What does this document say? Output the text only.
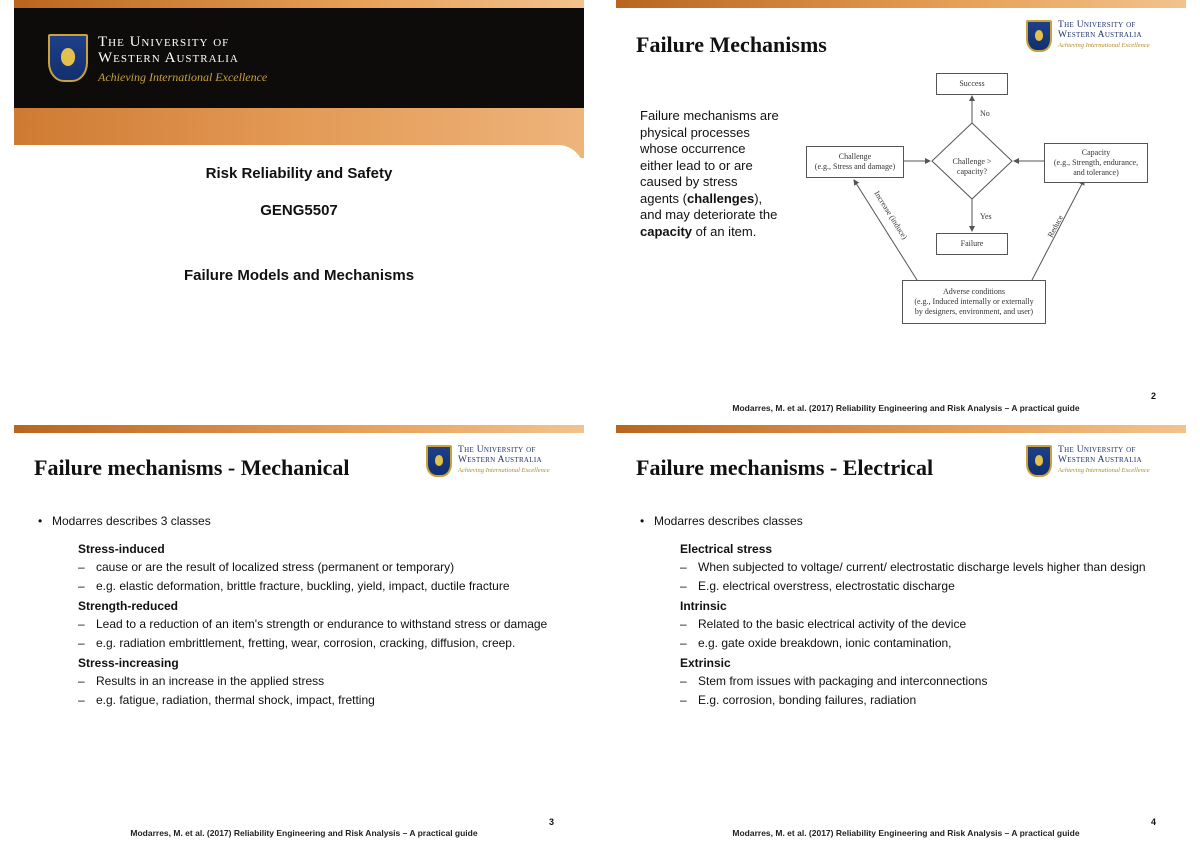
The University of
Western Australia
Achieving International Excellence
Risk Reliability and Safety
GENG5507
Failure Models and Mechanisms
Failure Mechanisms
The University of
Western Australia
Achieving International Excellence
Failure mechanisms are physical processes whose occurrence either lead to or are caused by stress agents (challenges), and may deteriorate the capacity of an item.
No
Yes
Increase (induce)	Reduce
Challenge >
capacity?
Success
Challenge
(e.g., Stress and damage)
Capacity
(e.g., Strength, endurance,
and tolerance)
Failure
Adverse conditions
(e.g., Induced internally or externally
by designers, environment, and user)
Modarres, M. et al. (2017) Reliability Engineering and Risk Analysis – A practical guide
2
Failure mechanisms - Mechanical
The University of
Western Australia
Achieving International Excellence
• Modarres describes 3 classes
Stress-induced
– cause or are the result of localized stress (permanent or temporary)
– e.g. elastic deformation, brittle fracture, buckling, yield, impact, ductile fracture
Strength-reduced
– Lead to a reduction of an item's strength or endurance to withstand stress or damage
– e.g. radiation embrittlement, fretting, wear, corrosion, cracking, diffusion, creep.
Stress-increasing
– Results in an increase in the applied stress
– e.g. fatigue, radiation, thermal shock, impact, fretting
Modarres, M. et al. (2017) Reliability Engineering and Risk Analysis – A practical guide
3
Failure mechanisms - Electrical
The University of
Western Australia
Achieving International Excellence
• Modarres describes classes
Electrical stress
– When subjected to voltage/ current/ electrostatic discharge levels higher than design
– E.g. electrical overstress, electrostatic discharge
Intrinsic
– Related to the basic electrical activity of the device
– e.g. gate oxide breakdown, ionic contamination,
Extrinsic
– Stem from issues with packaging and interconnections
– E.g. corrosion, bonding failures, radiation
Modarres, M. et al. (2017) Reliability Engineering and Risk Analysis – A practical guide
4
